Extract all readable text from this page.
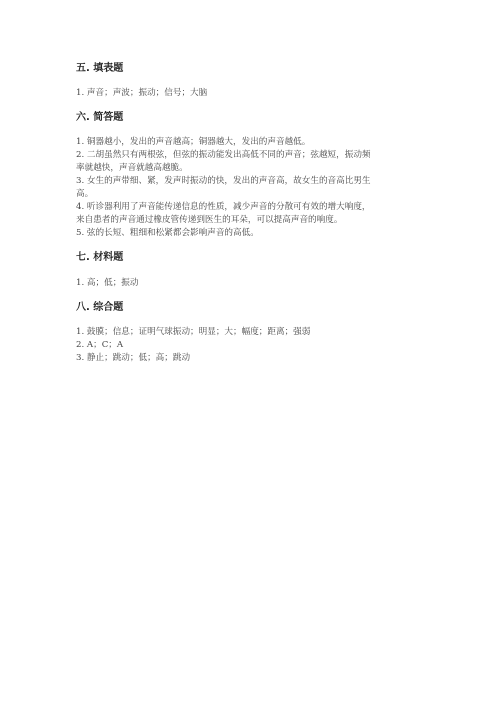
五. 填表题
1. 声音；声波；振动；信号；大脑
六. 简答题
1. 铜器越小，发出的声音越高；铜器越大，发出的声音越低。
2. 二胡虽然只有两根弦，但弦的振动能发出高低不同的声音；弦越短，振动频
率就越快，声音就越高越脆。
3. 女生的声带细、紧，发声时振动的快，发出的声音高，故女生的音高比男生
高。
4. 听诊器利用了声音能传递信息的性质，减少声音的分散可有效的增大响度，
来自患者的声音通过橡皮管传递到医生的耳朵，可以提高声音的响度。
5. 弦的长短、粗细和松紧都会影响声音的高低。
七. 材料题
1. 高；低；振动
八. 综合题
1. 鼓膜；信息；证明气球振动；明显；大；幅度；距离；强弱
2. A；C；A
3. 静止；跳动；低；高；跳动
